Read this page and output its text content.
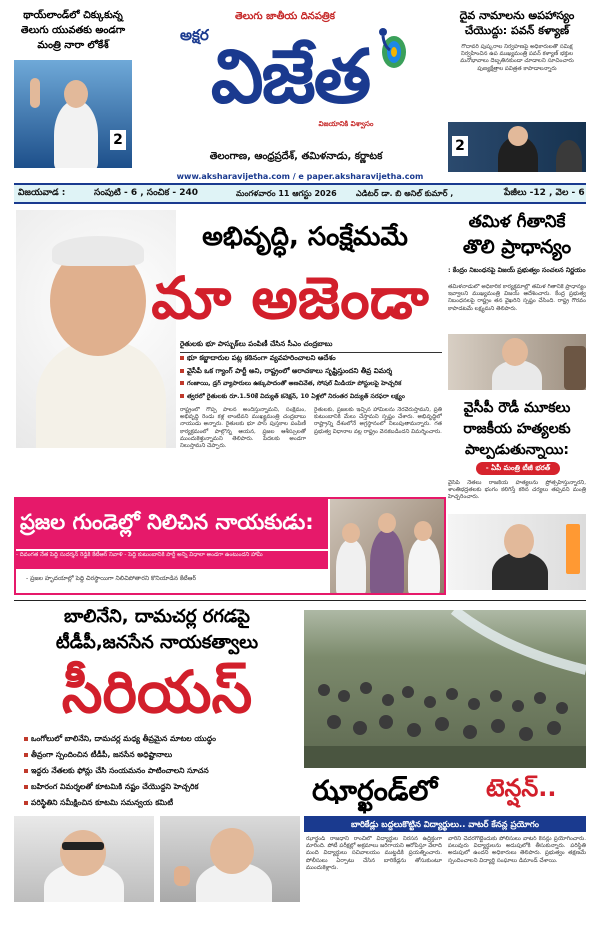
థాయ్‌లాండ్‌లో చిక్కుకున్న తెలుగు యువతకు అండగా మంత్రి నారా లోకేశ్
2
తెలుగు జాతీయ దినపత్రిక
అక్షర విజేత
విజయానికి విశ్వాసం
తెలంగాణ, ఆంధ్రప్రదేశ్, తమిళనాడు, కర్ణాటక
దైవ నామాలను అపహాస్యం చేయొద్దు: పవన్ కళ్యాణ్
గోదావరి పుష్కరాల నిర్వహణపై అధికారులతో సమీక్ష నిర్వహించిన ఉప ముఖ్యమంత్రి పవన్ కళ్యాణ్ భక్తుల మనోభావాలు దెబ్బతినకుండా చూడాలని సూచించారు పుణ్యక్షేత్రాల పవిత్రత కాపాడాలన్నారు
2
www.aksharavijetha.com / e paper.aksharavijetha.com
విజయవాడ :	సంపుటి - 6 , సంచిక - 240	మంగళవారం 11 ఆగస్టు 2026 ఎడిటర్ డా. బి అనిల్ కుమార్ ,	పేజీలు -12 , వెల - 6
అభివృద్ధి, సంక్షేమమే
మా అజెండా
రైతులకు భూ పాస్బుక్‌లు పంపిణీ చేసిన సీఎం చంద్రబాబు
భూ కబ్జాదారుల పట్ల కఠినంగా వ్యవహరించాలని ఆదేశం
వైసీపీ ఒక గ్యాంగ్ పార్టీ అని, రాష్ట్రంలో అరాచకాలు సృష్టిస్తుందని తీవ్ర విమర్శ
గంజాయి, డ్రగ్ వ్యాపారులు ఉక్కుపాదంతో అణచివేత, సోషల్ మీడియా పోస్టులపై హెచ్చరిక
త్వరలో రైతులకు రూ.1.50కే విద్యుత్ కనెక్షన్, 10 ఏళ్లలో నిరంతర విద్యుత్ సరఫరా లక్ష్యం
రాష్ట్రంలో గొప్ప పాలన అందిస్తున్నామని, సంక్షేమం, అభివృద్ధి రెండు కళ్ల లాంటివని ముఖ్యమంత్రి చంద్రబాబు నాయుడు అన్నారు. రైతులకు భూ పాస్ పుస్తకాల పంపిణీ కార్యక్రమంలో పాల్గొన్న ఆయన, ప్రజల ఆశీస్సులతో ముందుకెళ్తున్నామని తెలిపారు. పేదలకు అండగా నిలుస్తామని చెప్పారు.
రైతులకు, ప్రజలకు ఇచ్చిన హామీలను నెరవేరుస్తామని, ప్రతి కుటుంబానికి మేలు చేస్తామని స్పష్టం చేశారు. అభివృద్ధిలో రాష్ట్రాన్ని దేశంలోనే అగ్రస్థానంలో నిలుపుతామన్నారు. గత ప్రభుత్వ విధానాల వల్ల రాష్ట్రం వెనకబడిందని విమర్శించారు.
ప్రజల గుండెల్లో నిలిచిన నాయకుడు:
- దివంగత నేత పెద్ది సుదర్శన్ రెడ్డికి కేటీఆర్ నివాళి - పెద్ది కుటుంబానికి పార్టీ అన్ని విధాలా అండగా ఉంటుందని హామీ
- ప్రజల హృదయాల్లో పెద్ది చిరస్థాయిగా నిలిచిపోతారని కొనియాడిన కేటీఆర్
తమిళ గీతానికే
తొలి ప్రాధాన్యం
: కేంద్రం నిబంధనపై విజయ్ ప్రభుత్వం సంచలన నిర్ణయం
తమిళనాడులో అధికారిక కార్యక్రమాల్లో తమిళ గీతానికే ప్రాధాన్యం ఇవ్వాలని ముఖ్యమంత్రి విజయ్ ఆదేశించారు. కేంద్ర ప్రభుత్వ నిబంధనలపై రాష్ట్రం తన వైఖరిని స్పష్టం చేసింది. రాష్ట్ర గౌరవం కాపాడటమే లక్ష్యమని తెలిపారు.
వైసీపీ రౌడీ మూకలు రాజకీయ హత్యలకు పాల్పడుతున్నాయి:
- ఏపీ మంత్రి టీజీ భరత్
వైసీపీ నేతలు రాజకీయ హత్యలను ప్రోత్సహిస్తున్నారని, శాంతిభద్రతలకు భంగం కలిగిస్తే కఠిన చర్యలు తప్పవని మంత్రి హెచ్చరించారు.
బాలినేని, దామచర్ల రగడపై
టీడీపీ,జనసేన నాయకత్వాలు
సీరియస్
ఒంగోలులో బాలినేని, దామచర్ల మధ్య తీవ్రమైన మాటల యుద్ధం
తీవ్రంగా స్పందించిన టీడీపీ, జనసేన అధిష్టానాలు
ఇద్దరు నేతలకు ఫోన్లు చేసి సంయమనం పాటించాలని సూచన
బహిరంగ విమర్శలతో కూటమికి నష్టం చేయొద్దని హెచ్చరిక
పరిస్థితిని సమీక్షించిన కూటమి సమన్వయ కమిటీ	ఝార్ఖండ్‌లో టెన్షన్..
బారికేడ్లు బద్దలుకొట్టిన విద్యార్థులు.. వాటర్ కేనన్ల ప్రయోగం
ఝార్ఖండ్ రాజధాని రాంచీలో విద్యార్థుల నిరసన ఉద్రిక్తంగా మారింది. పోటీ పరీక్షల్లో అక్రమాలు జరిగాయని ఆరోపిస్తూ వేలాది మంది విద్యార్థులు సచివాలయం ముట్టడికి ప్రయత్నించారు. పోలీసులు ఏర్పాటు చేసిన బారికేడ్లను తోసుకుంటూ ముందుకెళ్లారు.
వారిని చెదరగొట్టేందుకు పోలీసులు వాటర్ కేనన్లు ప్రయోగించారు. పలువురు విద్యార్థులను అదుపులోకి తీసుకున్నారు. పరిస్థితి అదుపులో ఉందని అధికారులు తెలిపారు. ప్రభుత్వం తక్షణమే స్పందించాలని విద్యార్థి సంఘాలు డిమాండ్ చేశాయి.
